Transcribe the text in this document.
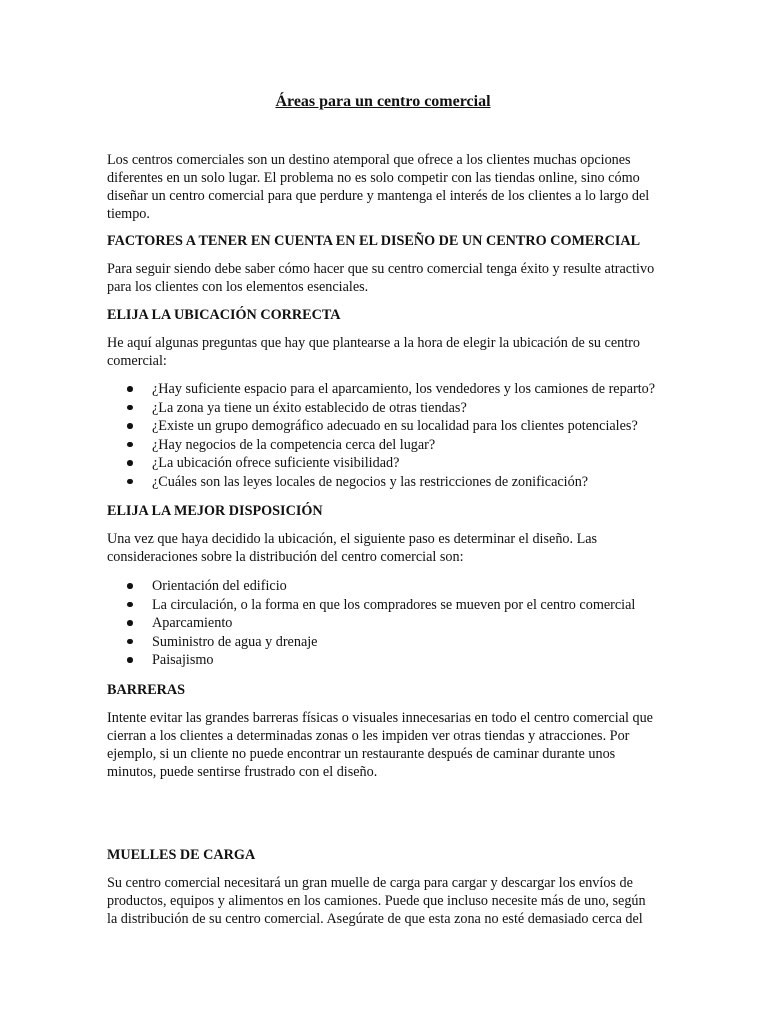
Áreas para un centro comercial

Los centros comerciales son un destino atemporal que ofrece a los clientes muchas opciones diferentes en un solo lugar. El problema no es solo competir con las tiendas online, sino cómo diseñar un centro comercial para que perdure y mantenga el interés de los clientes a lo largo del tiempo.

FACTORES A TENER EN CUENTA EN EL DISEÑO DE UN CENTRO COMERCIAL

Para seguir siendo debe saber cómo hacer que su centro comercial tenga éxito y resulte atractivo para los clientes con los elementos esenciales.

ELIJA LA UBICACIÓN CORRECTA

He aquí algunas preguntas que hay que plantearse a la hora de elegir la ubicación de su centro comercial:

¿Hay suficiente espacio para el aparcamiento, los vendedores y los camiones de reparto?
¿La zona ya tiene un éxito establecido de otras tiendas?
¿Existe un grupo demográfico adecuado en su localidad para los clientes potenciales?
¿Hay negocios de la competencia cerca del lugar?
¿La ubicación ofrece suficiente visibilidad?
¿Cuáles son las leyes locales de negocios y las restricciones de zonificación?
ELIJA LA MEJOR DISPOSICIÓN

Una vez que haya decidido la ubicación, el siguiente paso es determinar el diseño. Las consideraciones sobre la distribución del centro comercial son:

Orientación del edificio
La circulación, o la forma en que los compradores se mueven por el centro comercial
Aparcamiento
Suministro de agua y drenaje
Paisajismo
BARRERAS

Intente evitar las grandes barreras físicas o visuales innecesarias en todo el centro comercial que cierran a los clientes a determinadas zonas o les impiden ver otras tiendas y atracciones. Por ejemplo, si un cliente no puede encontrar un restaurante después de caminar durante unos minutos, puede sentirse frustrado con el diseño.

MUELLES DE CARGA

Su centro comercial necesitará un gran muelle de carga para cargar y descargar los envíos de productos, equipos y alimentos en los camiones. Puede que incluso necesite más de uno, según la distribución de su centro comercial. Asegúrate de que esta zona no esté demasiado cerca del
